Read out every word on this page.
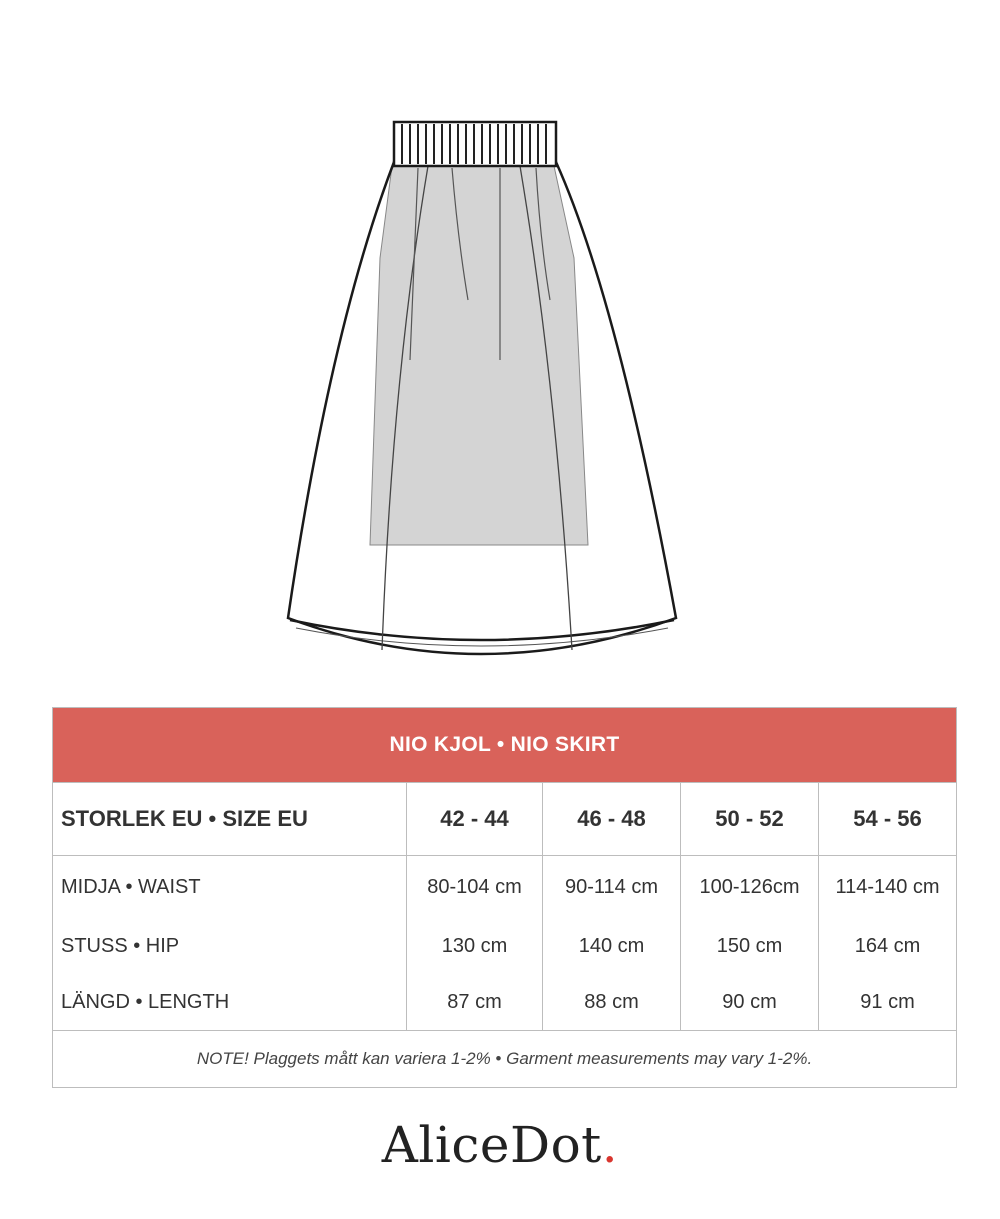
NIO KJOL • NIO SKIRT				
STORLEK EU • SIZE EU	42 - 44	46 - 48	50 - 52	54 - 56
MIDJA • WAIST	80-104 cm	90-114 cm	100-126cm	114-140 cm
STUSS • HIP	130 cm	140 cm	150 cm	164 cm
LÄNGD • LENGTH	87 cm	88 cm	90 cm	91 cm
NOTE! Plaggets mått kan variera 1-2% • Garment measurements may vary 1-2%.				
AliceDot.
